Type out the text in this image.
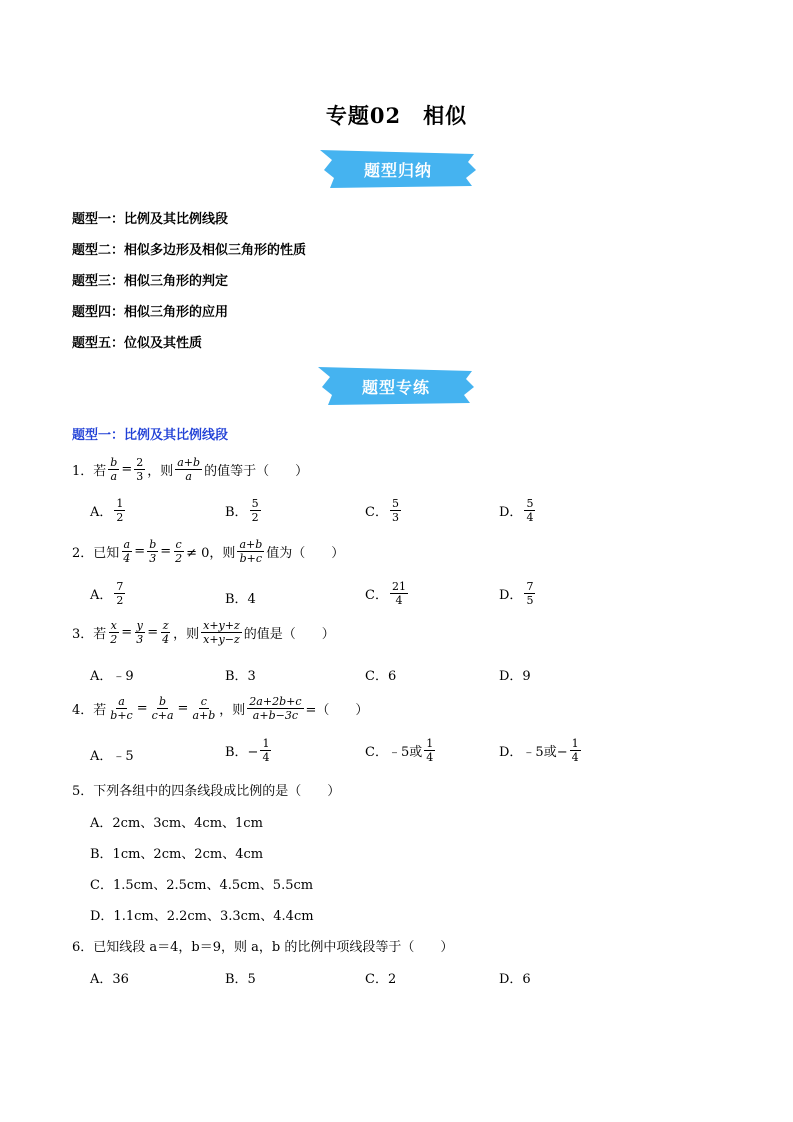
专题02　相似
题型归纳
题型一：比例及其比例线段
题型二：相似多边形及相似三角形的性质
题型三：相似三角形的判定
题型四：相似三角形的应用
题型五：位似及其性质
题型专练
题型一：比例及其比例线段
1．若 $\frac{b}{a} = \frac{2}{3}$ ，则 $\frac{a+b}{a}$ 的值等于（　　）
A． $\frac{1}{2}$	B． $\frac{5}{2}$	C． $\frac{5}{3}$	D． $\frac{5}{4}$
2．已知 $\frac{a}{4} = \frac{b}{3} = \frac{c}{2} \ne 0$，则 $\frac{a+b}{b+c}$ 值为（　　）
A． $\frac{7}{2}$	B．4	C． $\frac{21}{4}$	D． $\frac{7}{5}$
3．若 $\frac{x}{2} = \frac{y}{3} = \frac{z}{4}$ ，则 $\frac{x+y+z}{x+y-z}$ 的值是（　　）
A．﹣9	B．3	C．6	D．9
4．若 $\frac{a}{b+c} = \frac{b}{c+a} = \frac{c}{a+b}$ ，则 $\frac{2a+2b+c}{a+b-3c}$ =（　　）
A．﹣5	B．− $\frac{1}{4}$	C．﹣5或 $\frac{1}{4}$	D．﹣5或− $\frac{1}{4}$
5．下列各组中的四条线段成比例的是（　　）
A．2cm、3cm、4cm、1cm
B．1cm、2cm、2cm、4cm
C．1.5cm、2.5cm、4.5cm、5.5cm
D．1.1cm、2.2cm、3.3cm、4.4cm
6．已知线段 a＝4，b＝9，则 a，b 的比例中项线段等于（　　）
A．36	B．5	C．2	D．6
